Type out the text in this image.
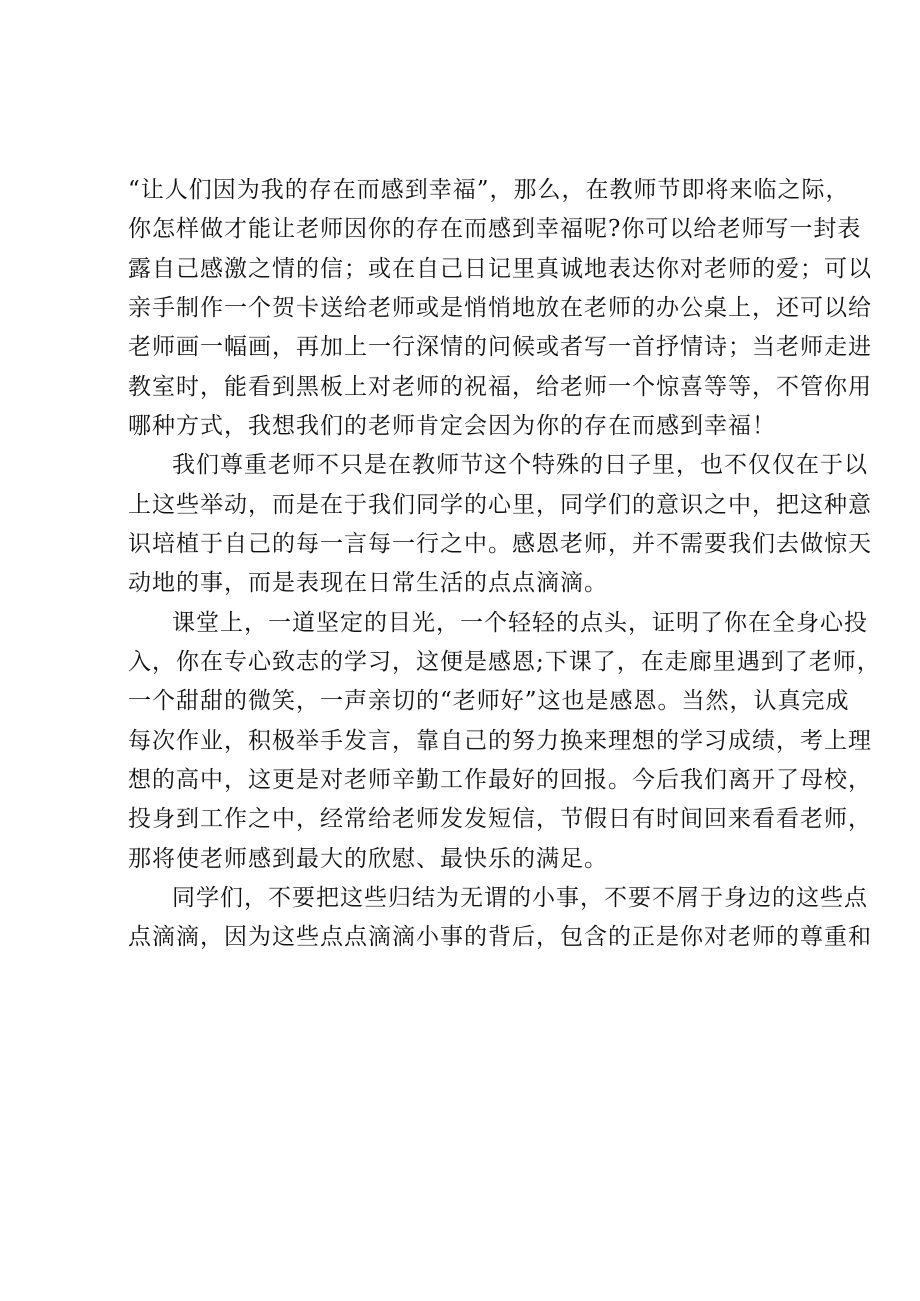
“让人们因为我的存在而感到幸福”，那么，在教师节即将来临之际，
你怎样做才能让老师因你的存在而感到幸福呢?你可以给老师写一封表
露自己感激之情的信；或在自己日记里真诚地表达你对老师的爱；可以
亲手制作一个贺卡送给老师或是悄悄地放在老师的办公桌上，还可以给
老师画一幅画，再加上一行深情的问候或者写一首抒情诗；当老师走进
教室时，能看到黑板上对老师的祝福，给老师一个惊喜等等，不管你用
哪种方式，我想我们的老师肯定会因为你的存在而感到幸福！
我们尊重老师不只是在教师节这个特殊的日子里，也不仅仅在于以
上这些举动，而是在于我们同学的心里，同学们的意识之中，把这种意
识培植于自己的每一言每一行之中。感恩老师，并不需要我们去做惊天
动地的事，而是表现在日常生活的点点滴滴。
课堂上，一道坚定的目光，一个轻轻的点头，证明了你在全身心投
入，你在专心致志的学习，这便是感恩;下课了，在走廊里遇到了老师，
一个甜甜的微笑，一声亲切的“老师好”这也是感恩。当然，认真完成
每次作业，积极举手发言，靠自己的努力换来理想的学习成绩，考上理
想的高中，这更是对老师辛勤工作最好的回报。今后我们离开了母校，
投身到工作之中，经常给老师发发短信，节假日有时间回来看看老师，
那将使老师感到最大的欣慰、最快乐的满足。
同学们，不要把这些归结为无谓的小事，不要不屑于身边的这些点
点滴滴，因为这些点点滴滴小事的背后，包含的正是你对老师的尊重和
